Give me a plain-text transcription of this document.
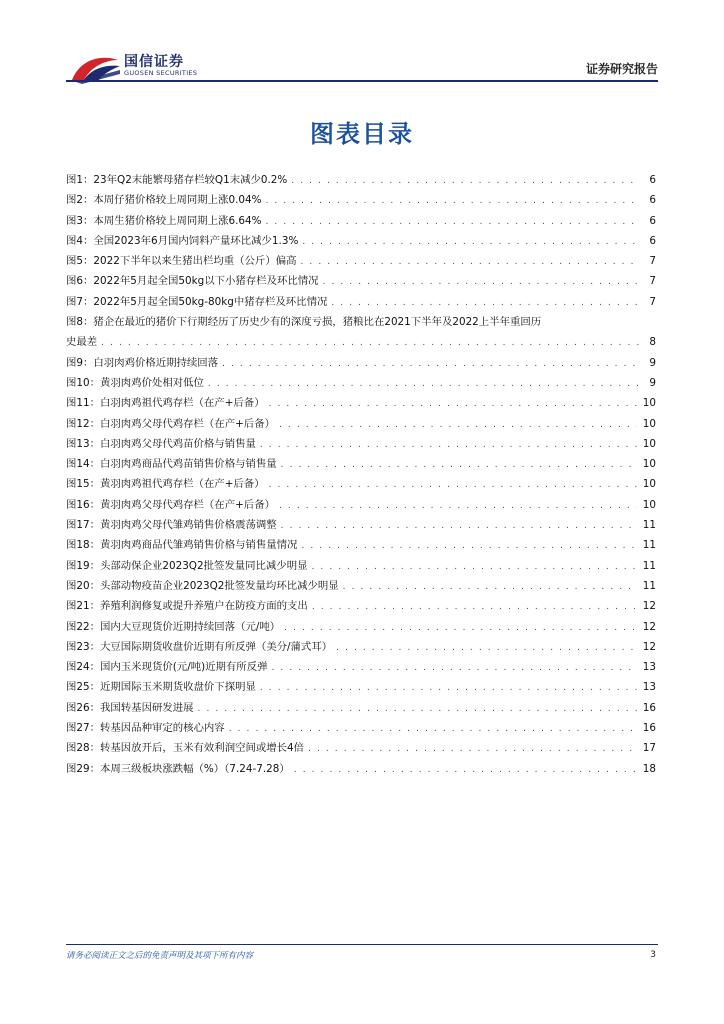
国信证券
GUOSEN SECURITIES	证券研究报告
图表目录
图1： 23年Q2末能繁母猪存栏较Q1末减少0.2% . . .	6
图2： 本周仔猪价格较上周同期上涨0.04% . . .	6
图3： 本周生猪价格较上周同期上涨6.64% . . .	6
图4： 全国2023年6月国内饲料产量环比减少1.3% . . .	6
图5： 2022下半年以来生猪出栏均重（公斤）偏高 . . .	7
图6： 2022年5月起全国50kg以下小猪存栏及环比情况 . . .	7
图7： 2022年5月起全国50kg-80kg中猪存栏及环比情况 . . .	7
图8：猪企在最近的猪价下行期经历了历史少有的深度亏损，猪粮比在2021下半年及2022上半年重回历
史最差 . . .	8
图9： 白羽肉鸡价格近期持续回落 . . .	9
图10： 黄羽肉鸡价处相对低位 . . .	9
图11： 白羽肉鸡祖代鸡存栏（在产+后备） . . .	10
图12： 白羽肉鸡父母代鸡存栏（在产+后备） . . .	10
图13： 白羽肉鸡父母代鸡苗价格与销售量 . . .	10
图14： 白羽肉鸡商品代鸡苗销售价格与销售量 . . .	10
图15： 黄羽肉鸡祖代鸡存栏（在产+后备） . . .	10
图16： 黄羽肉鸡父母代鸡存栏（在产+后备） . . .	10
图17： 黄羽肉鸡父母代雏鸡销售价格震荡调整 . . .	11
图18： 黄羽肉鸡商品代雏鸡销售价格与销售量情况 . . .	11
图19： 头部动保企业2023Q2批签发量同比减少明显 . . .	11
图20： 头部动物疫苗企业2023Q2批签发量均环比减少明显 . . .	11
图21： 养殖利润修复或提升养殖户在防疫方面的支出 . . .	12
图22： 国内大豆现货价近期持续回落（元/吨） . . .	12
图23： 大豆国际期货收盘价近期有所反弹（美分/蒲式耳） . . .	12
图24： 国内玉米现货价(元/吨)近期有所反弹 . . .	13
图25： 近期国际玉米期货收盘价下探明显 . . .	13
图26： 我国转基因研发进展 . . .	16
图27： 转基因品种审定的核心内容 . . .	16
图28： 转基因放开后，玉米有效利润空间或增长4倍 . . .	17
图29： 本周三级板块涨跌幅（%）（7.24-7.28） . . .	18
请务必阅读正文之后的免责声明及其项下所有内容	3
